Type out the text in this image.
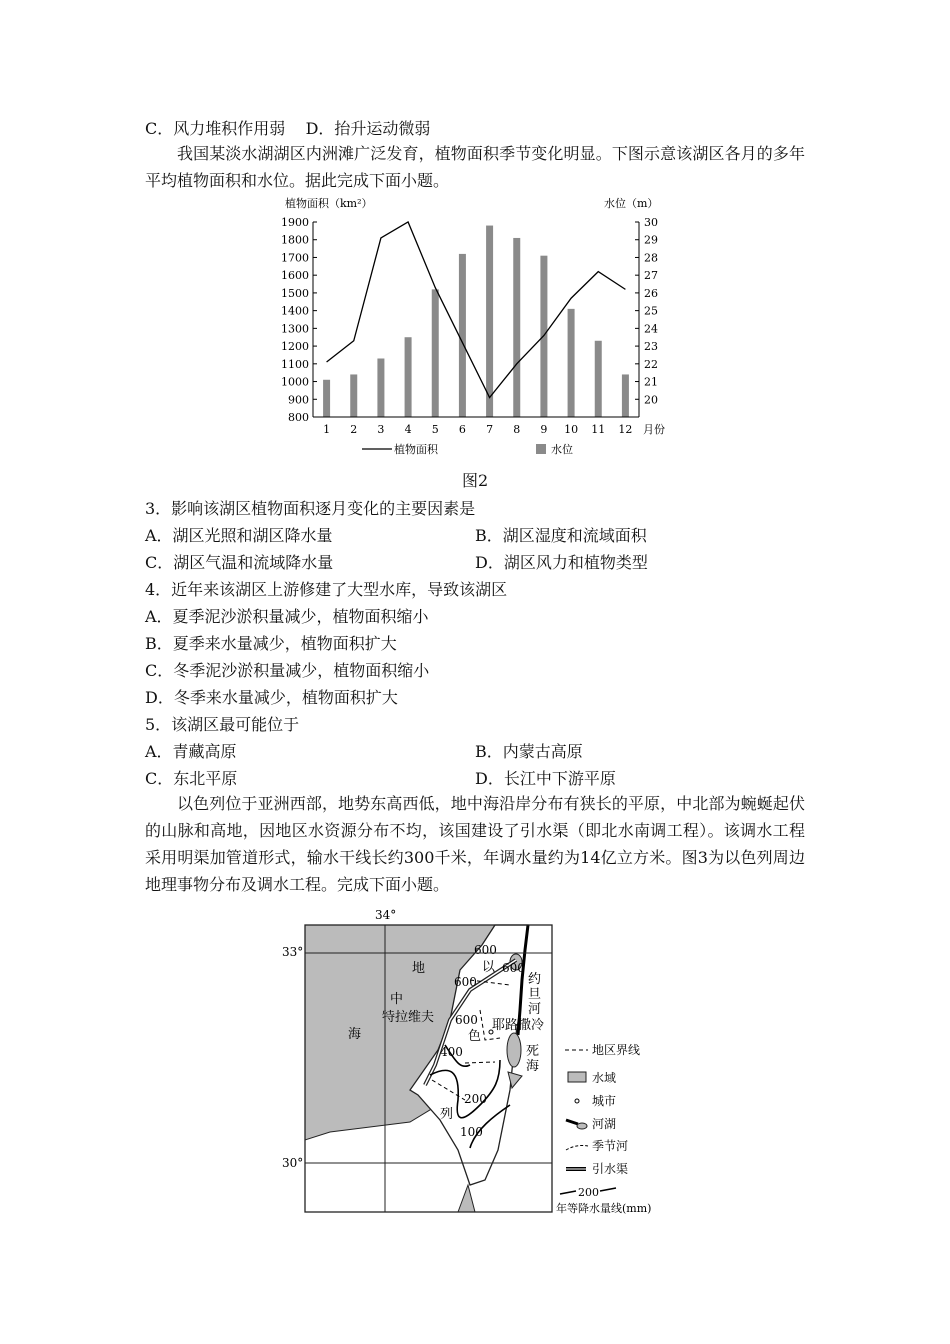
C．风力堆积作用弱 D．抬升运动微弱
我国某淡水湖湖区内洲滩广泛发育，植物面积季节变化明显。下图示意该湖区各月的多年平均植物面积和水位。据此完成下面小题。
植物面积（km²）	水位（m）
800
900
1000
1100
1200
1300
1400
1500
1600
1700
1800
1900
20
21
22
23
24
25
26
27
28
29
30
1 2 3 4 5 6 7 8 9 10 11 12 月份
植物面积	水位
图2
3．影响该湖区植物面积逐月变化的主要因素是
A．湖区光照和湖区降水量	B．湖区湿度和流域面积
C．湖区气温和流域降水量	D．湖区风力和植物类型
4．近年来该湖区上游修建了大型水库，导致该湖区
A．夏季泥沙淤积量减少，植物面积缩小
B．夏季来水量减少，植物面积扩大
C．冬季泥沙淤积量减少，植物面积缩小
D．冬季来水量减少，植物面积扩大
5．该湖区最可能位于
A．青藏高原	B．内蒙古高原
C．东北平原	D．长江中下游平原
以色列位于亚洲西部，地势东高西低，地中海沿岸分布有狭长的平原，中北部为蜿蜒起伏的山脉和高地，因地区水资源分布不均，该国建设了引水渠（即北水南调工程）。该调水工程采用明渠加管道形式，输水干线长约300千米，年调水量约为14亿立方米。图3为以色列周边地理事物分布及调水工程。完成下面小题。
34°
33°
30°
地
中
海
特拉维夫
耶路撒冷
约
旦
河
死
海
以
色
列
600
600
600
600
400
200
100
地区界线
水域
城市
河湖
季节河
引水渠
200
年等降水量线(mm)
